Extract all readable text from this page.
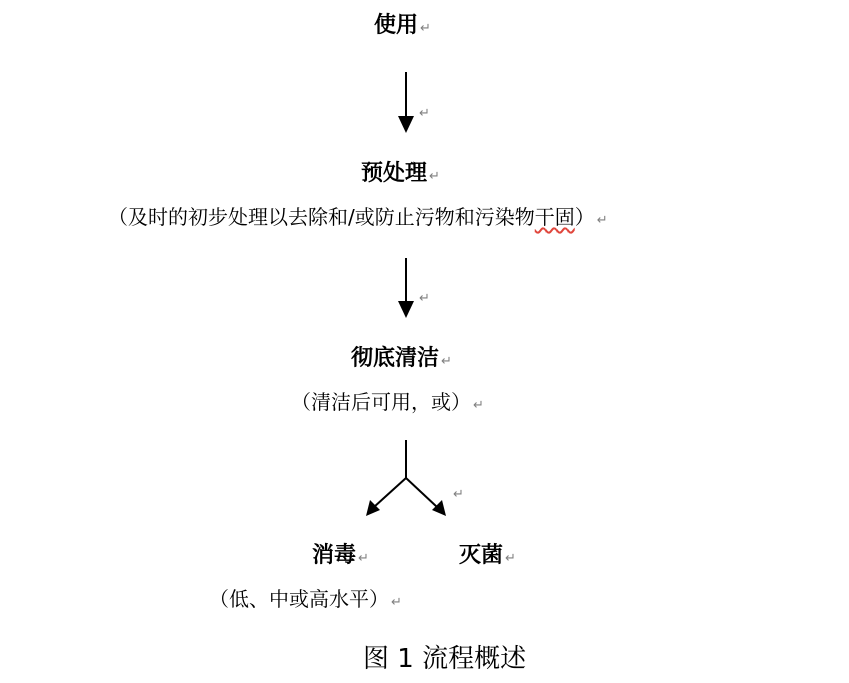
↵
↵
↵
使用 ↵
预处理 ↵
（及时的初步处理以去除和/或防止污物和污染物干固） ↵
彻底清洁 ↵
（清洁后可用，或） ↵
消毒 ↵	灭菌 ↵
（低、中或高水平） ↵
图 1 流程概述
